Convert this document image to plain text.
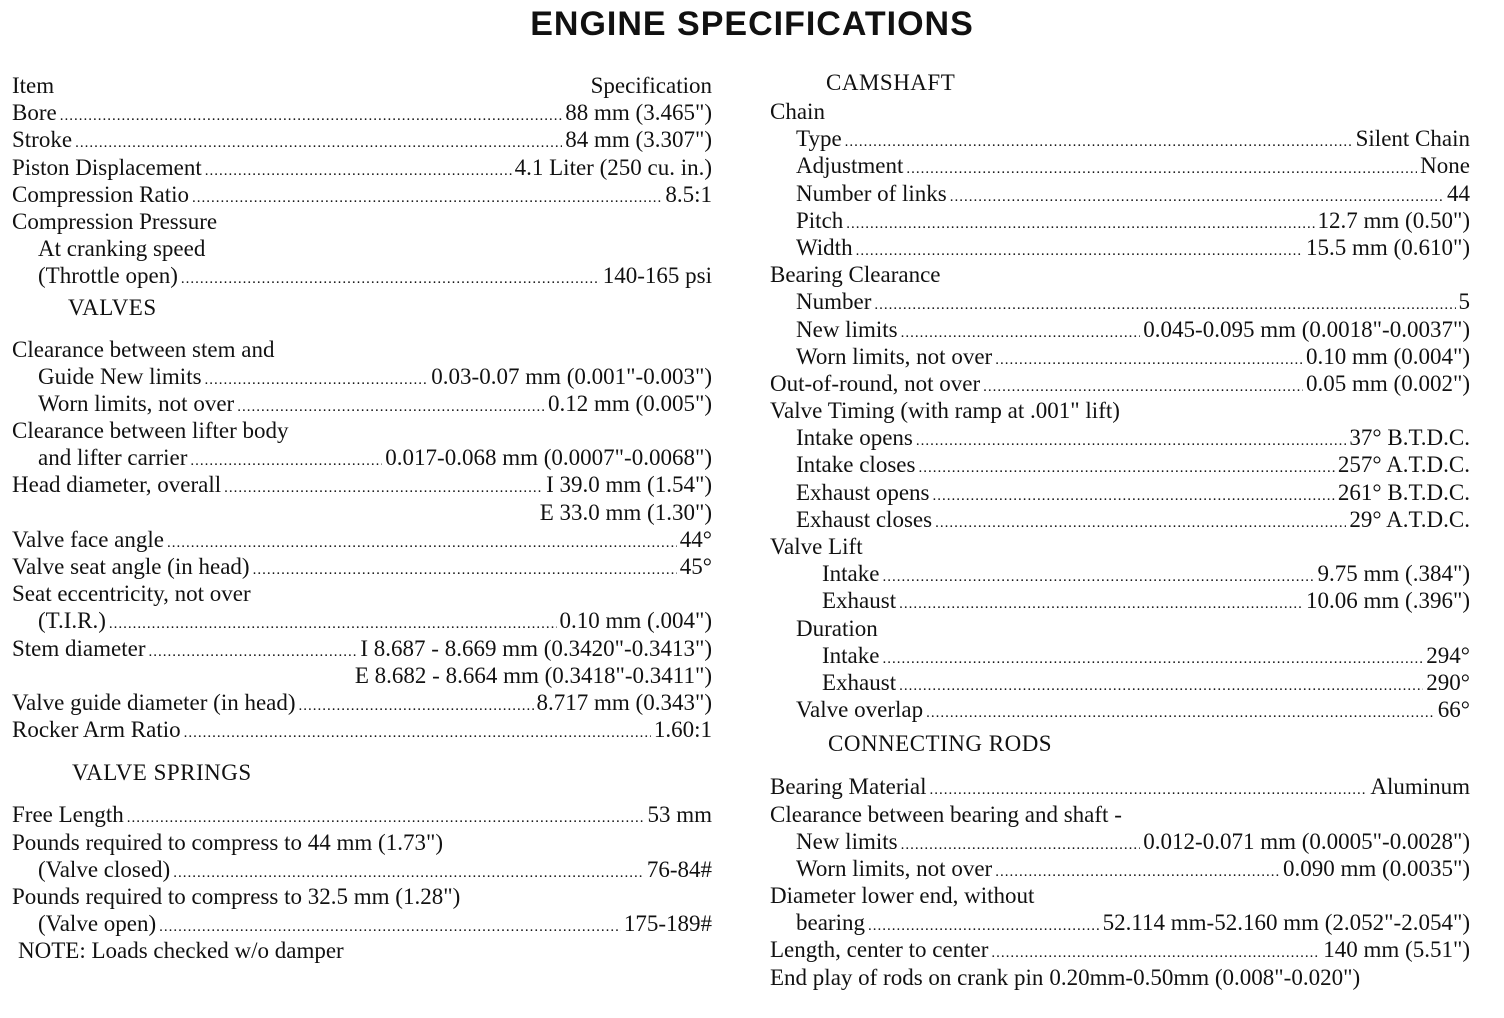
ENGINE SPECIFICATIONS
Item	Specification
Bore .....	88 mm (3.465")
Stroke .....	84 mm (3.307")
Piston Displacement .....	4.1 Liter (250 cu. in.)
Compression Ratio .....	8.5:1
Compression Pressure
At cranking speed
(Throttle open) .....	140-165 psi
VALVES
Clearance between stem and
Guide New limits .....	0.03-0.07 mm (0.001"-0.003")
Worn limits, not over .....	0.12 mm (0.005")
Clearance between lifter body
and lifter carrier .....	0.017-0.068 mm (0.0007"-0.0068")
Head diameter, overall .....	I 39.0 mm (1.54")
E 33.0 mm (1.30")
Valve face angle .....	44°
Valve seat angle (in head) .....	45°
Seat eccentricity, not over
(T.I.R.) .....	0.10 mm (.004")
Stem diameter .....	I 8.687 - 8.669 mm (0.3420"-0.3413")
E 8.682 - 8.664 mm (0.3418"-0.3411")
Valve guide diameter (in head) .....	8.717 mm (0.343")
Rocker Arm Ratio .....	1.60:1
VALVE SPRINGS
Free Length .....	53 mm
Pounds required to compress to 44 mm (1.73")
(Valve closed) .....	76-84#
Pounds required to compress to 32.5 mm (1.28")
(Valve open) .....	175-189#
NOTE: Loads checked w/o damper
CAMSHAFT
Chain
Type .....	Silent Chain
Adjustment .....	None
Number of links .....	44
Pitch .....	12.7 mm (0.50")
Width .....	15.5 mm (0.610")
Bearing Clearance
Number .....	5
New limits .....	0.045-0.095 mm (0.0018"-0.0037")
Worn limits, not over .....	0.10 mm (0.004")
Out-of-round, not over .....	0.05 mm (0.002")
Valve Timing (with ramp at .001" lift)
Intake opens .....	37° B.T.D.C.
Intake closes .....	257° A.T.D.C.
Exhaust opens .....	261° B.T.D.C.
Exhaust closes .....	29° A.T.D.C.
Valve Lift
Intake .....	9.75 mm (.384")
Exhaust .....	10.06 mm (.396")
Duration
Intake .....	294°
Exhaust .....	290°
Valve overlap .....	66°
CONNECTING RODS
Bearing Material .....	Aluminum
Clearance between bearing and shaft -
New limits .....	0.012-0.071 mm (0.0005"-0.0028")
Worn limits, not over .....	0.090 mm (0.0035")
Diameter lower end, without
bearing .....	52.114 mm-52.160 mm (2.052"-2.054")
Length, center to center .....	140 mm (5.51")
End play of rods on crank pin 0.20mm-0.50mm (0.008"-0.020")
